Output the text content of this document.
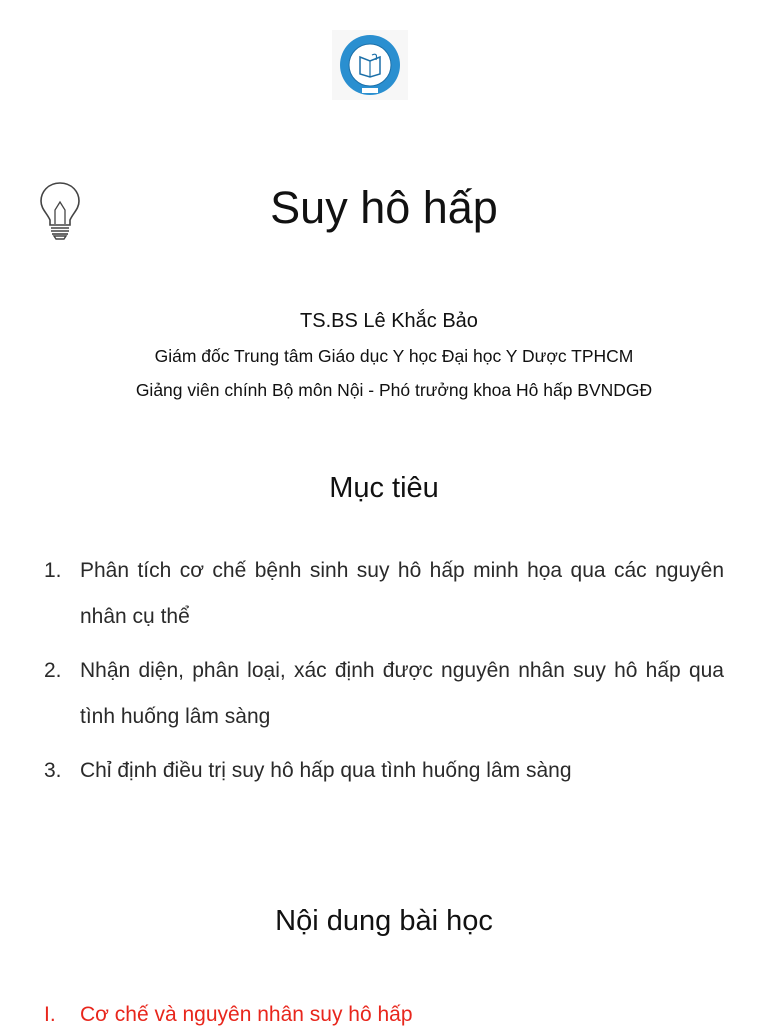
Suy hô hấp

TS.BS Lê Khắc Bảo

Giám đốc Trung tâm Giáo dục Y học Đại học Y Dược TPHCM

Giảng viên chính Bộ môn Nội - Phó trưởng khoa Hô hấp BVNDGĐ

Mục tiêu
1. Phân tích cơ chế bệnh sinh suy hô hấp minh họa qua các nguyên nhân cụ thể
2. Nhận diện, phân loại, xác định được nguyên nhân suy hô hấp qua tình huống lâm sàng
3. Chỉ định điều trị suy hô hấp qua tình huống lâm sàng
Nội dung bài học
I.	Cơ chế và nguyên nhân suy hô hấp
